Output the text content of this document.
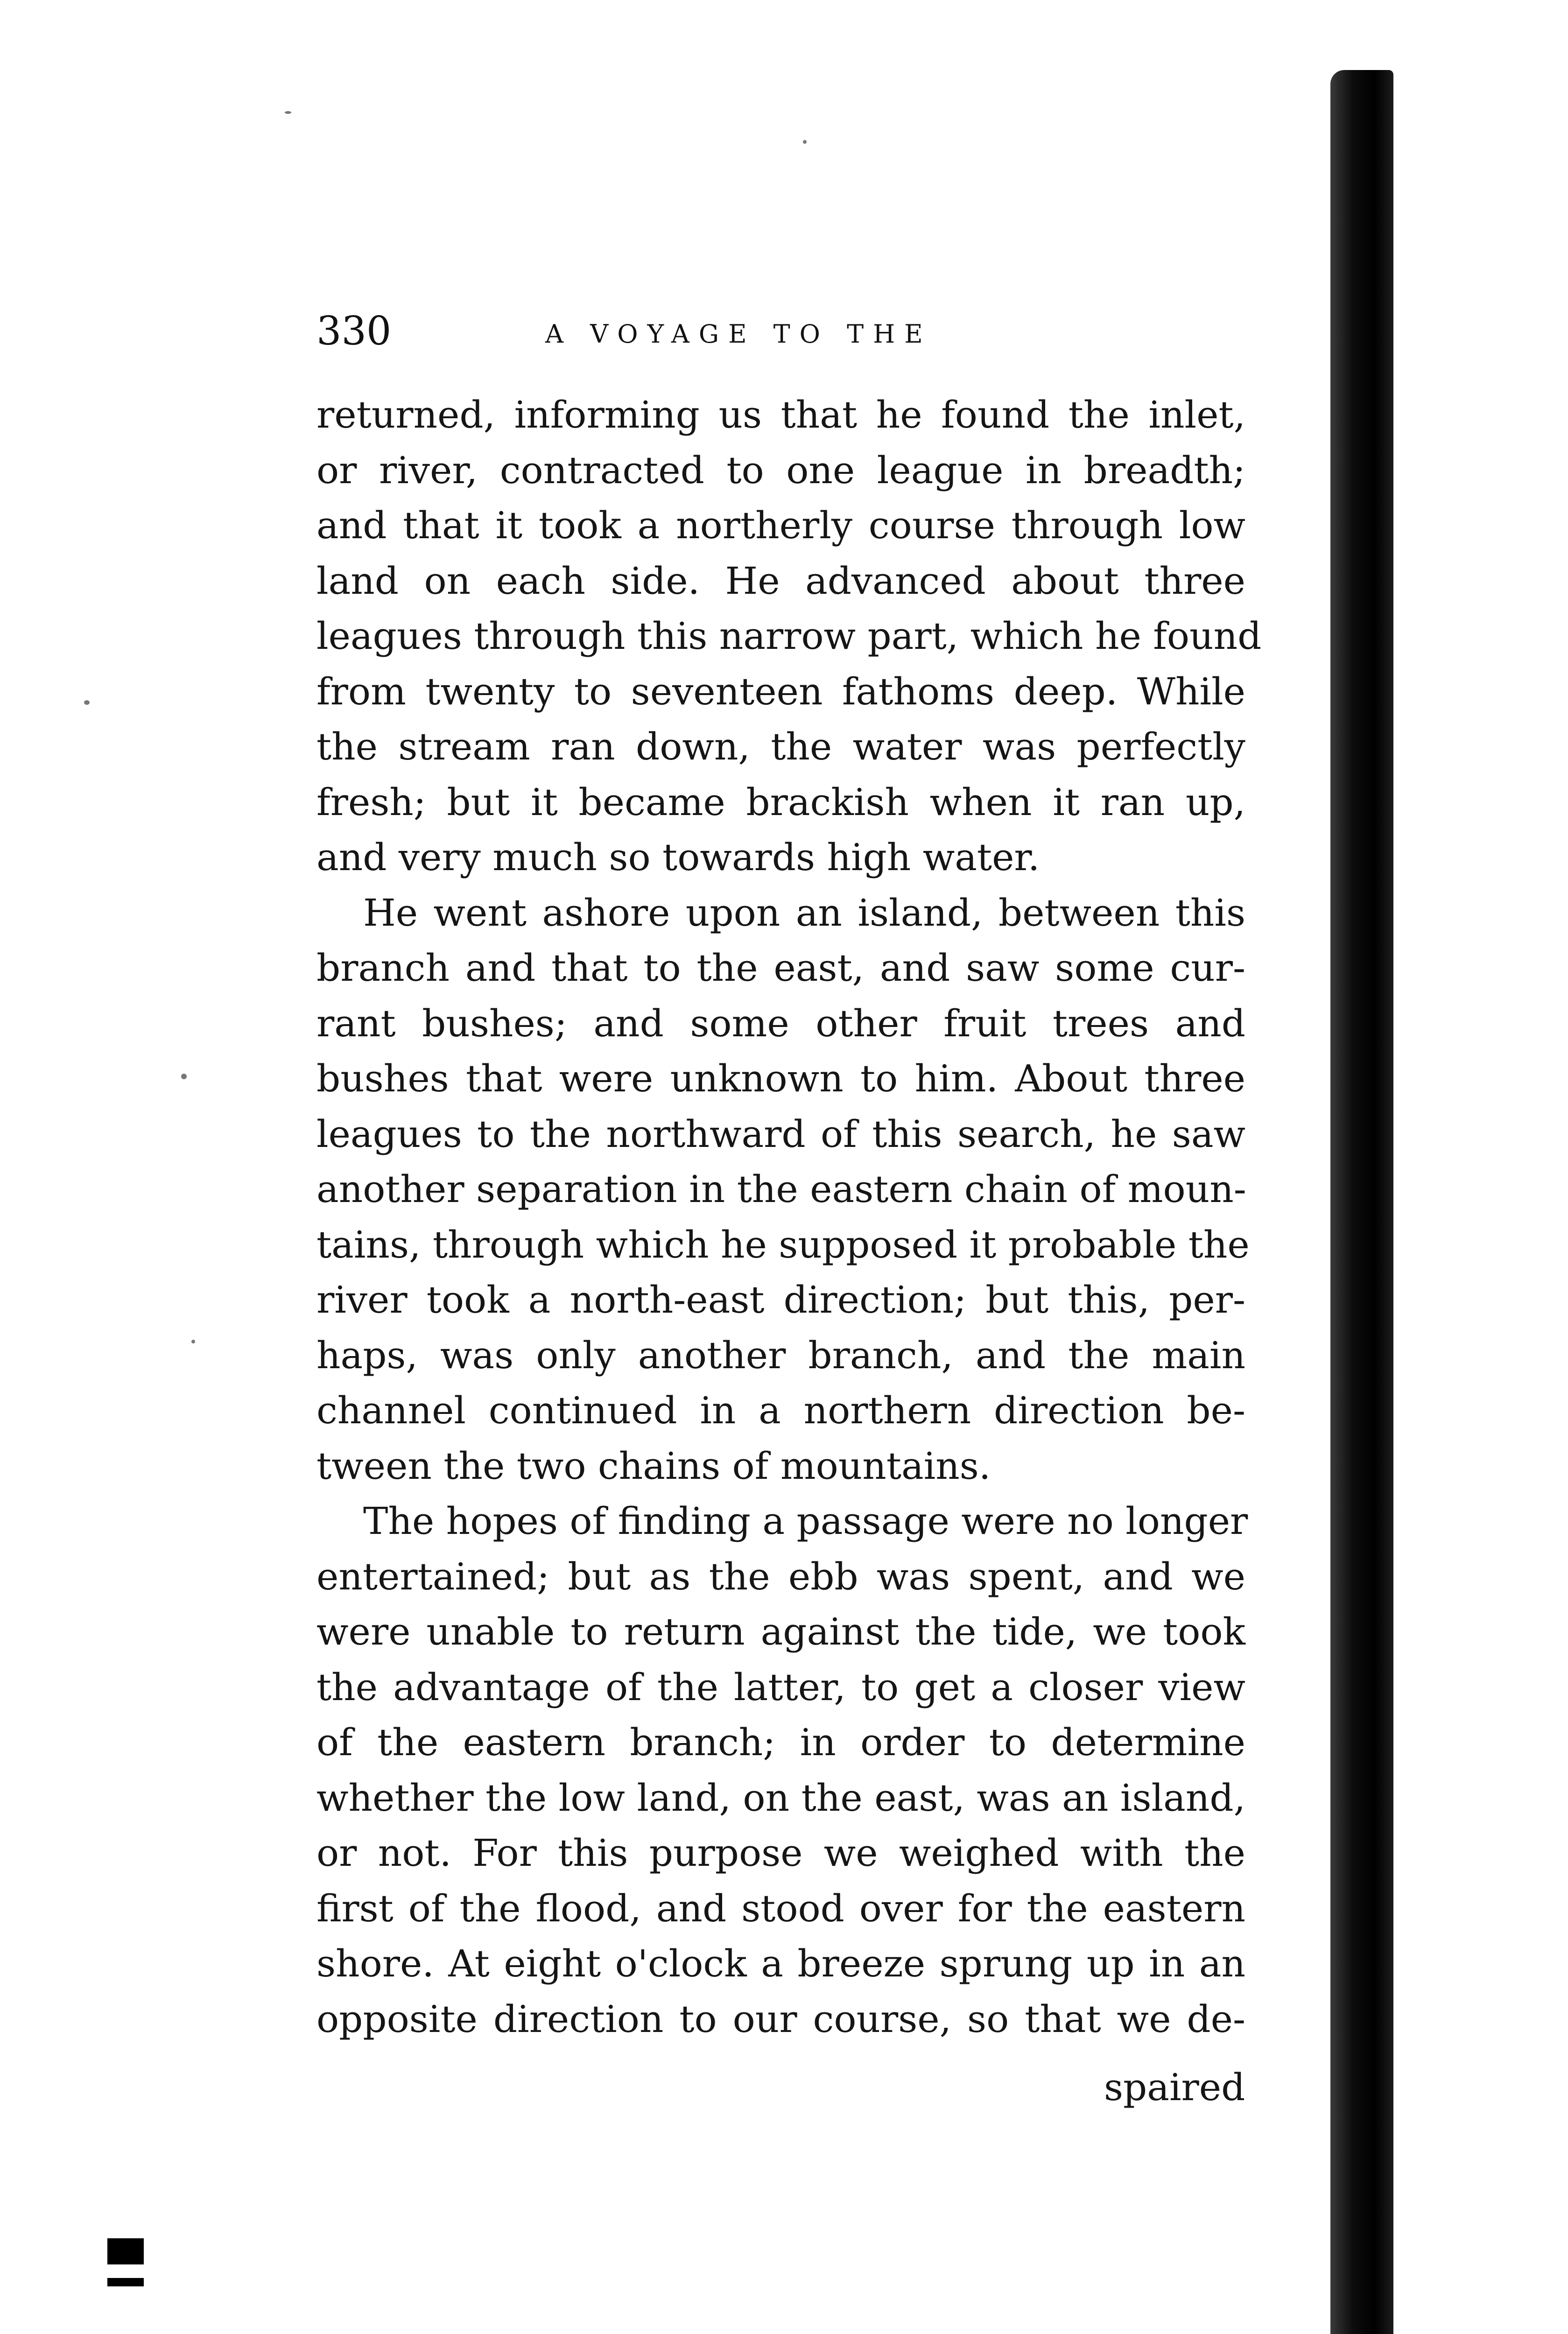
330	A VOYAGE TO THE
returned, informing us that he found the inlet,
or river, contracted to one league in breadth;
and that it took a northerly course through low
land on each side. He advanced about three
leagues through this narrow part, which he found
from twenty to seventeen fathoms deep. While
the stream ran down, the water was perfectly
fresh; but it became brackish when it ran up,
and very much so towards high water.
He went ashore upon an island, between this
branch and that to the east, and saw some cur-
rant bushes; and some other fruit trees and
bushes that were unknown to him. About three
leagues to the northward of this search, he saw
another separation in the eastern chain of moun-
tains, through which he supposed it probable the
river took a north-east direction; but this, per-
haps, was only another branch, and the main
channel continued in a northern direction be-
tween the two chains of mountains.
The hopes of finding a passage were no longer
entertained; but as the ebb was spent, and we
were unable to return against the tide, we took
the advantage of the latter, to get a closer view
of the eastern branch; in order to determine
whether the low land, on the east, was an island,
or not. For this purpose we weighed with the
first of the flood, and stood over for the eastern
shore. At eight o'clock a breeze sprung up in an
opposite direction to our course, so that we de-
spaired
